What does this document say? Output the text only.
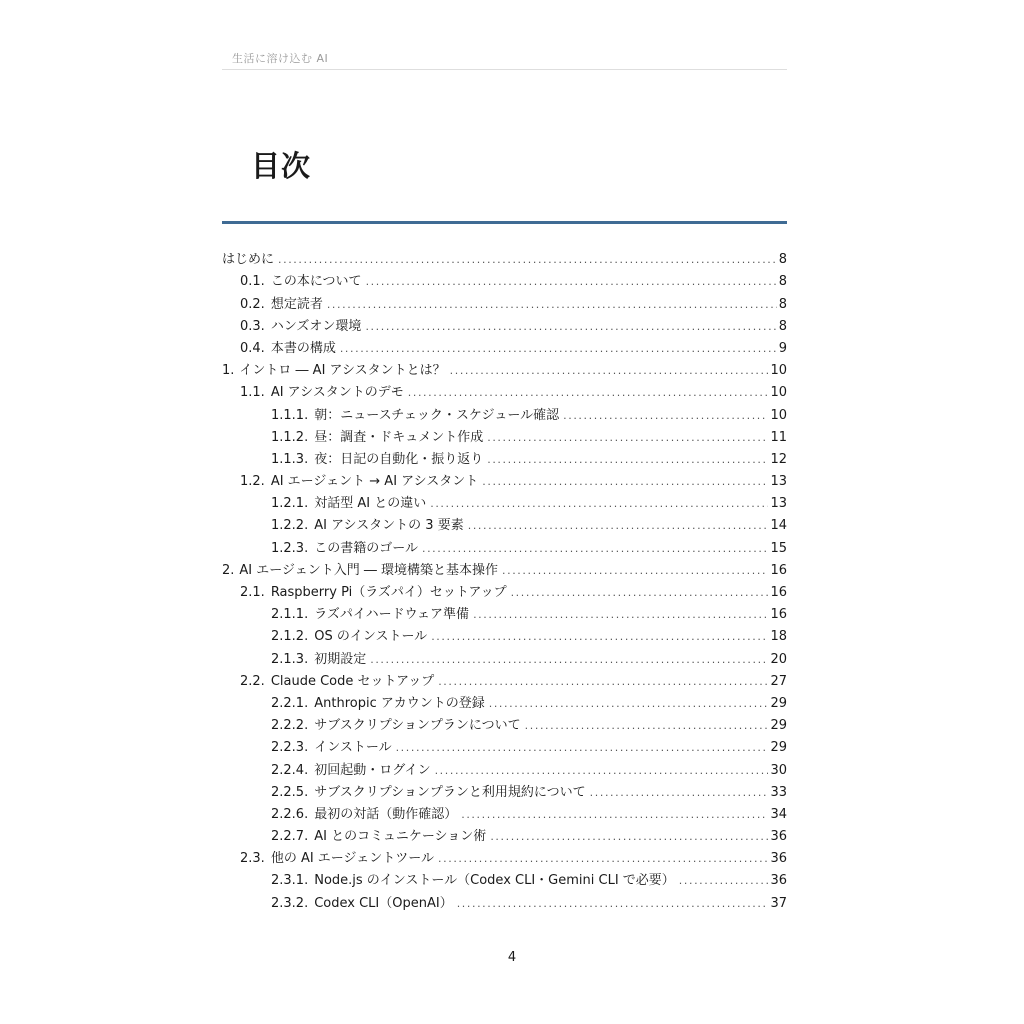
生活に溶け込む AI
目次
はじめに .....	8
0.1. この本について .....	8
0.2. 想定読者 .....	8
0.3. ハンズオン環境 .....	8
0.4. 本書の構成 .....	9
1. イントロ ― AI アシスタントとは？ .....	10
1.1. AI アシスタントのデモ .....	10
1.1.1. 朝：ニュースチェック・スケジュール確認 .....	10
1.1.2. 昼：調査・ドキュメント作成 .....	11
1.1.3. 夜：日記の自動化・振り返り .....	12
1.2. AI エージェント → AI アシスタント .....	13
1.2.1. 対話型 AI との違い .....	13
1.2.2. AI アシスタントの 3 要素 .....	14
1.2.3. この書籍のゴール .....	15
2. AI エージェント入門 ― 環境構築と基本操作 .....	16
2.1. Raspberry Pi（ラズパイ）セットアップ .....	16
2.1.1. ラズパイハードウェア準備 .....	16
2.1.2. OS のインストール .....	18
2.1.3. 初期設定 .....	20
2.2. Claude Code セットアップ .....	27
2.2.1. Anthropic アカウントの登録 .....	29
2.2.2. サブスクリプションプランについて .....	29
2.2.3. インストール .....	29
2.2.4. 初回起動・ログイン .....	30
2.2.5. サブスクリプションプランと利用規約について .....	33
2.2.6. 最初の対話（動作確認） .....	34
2.2.7. AI とのコミュニケーション術 .....	36
2.3. 他の AI エージェントツール .....	36
2.3.1. Node.js のインストール（Codex CLI・Gemini CLI で必要） .....	36
2.3.2. Codex CLI（OpenAI） .....	37
4
